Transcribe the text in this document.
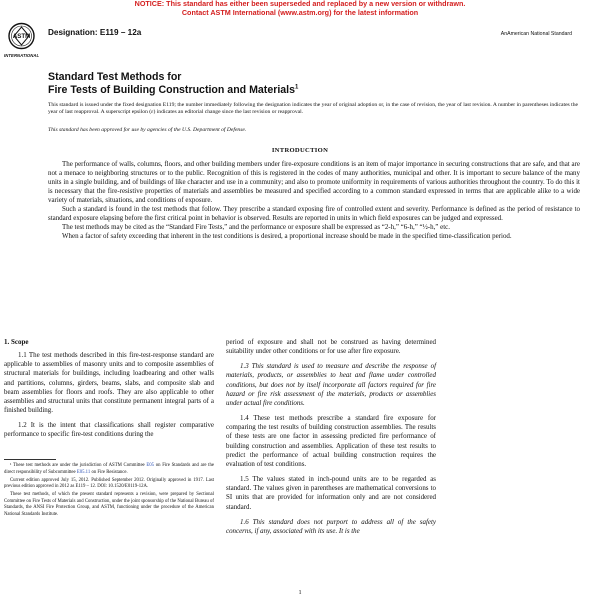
NOTICE: This standard has either been superseded and replaced by a new version or withdrawn.
Contact ASTM International (www.astm.org) for the latest information
ASTM
INTERNATIONAL
Designation: E119 – 12a	AnAmerican National Standard
Standard Test Methods for
Fire Tests of Building Construction and Materials$^1$
This standard is issued under the fixed designation E119; the number immediately following the designation indicates the year of original adoption or, in the case of revision, the year of last revision. A number in parentheses indicates the year of last reapproval. A superscript epsilon (ε) indicates an editorial change since the last revision or reapproval.
This standard has been approved for use by agencies of the U.S. Department of Defense.
INTRODUCTION

The performance of walls, columns, floors, and other building members under fire-exposure conditions is an item of major importance in securing constructions that are safe, and that are not a menace to neighboring structures or to the public. Recognition of this is registered in the codes of many authorities, municipal and other. It is important to secure balance of the many units in a single building, and of buildings of like character and use in a community; and also to promote uniformity in requirements of various authorities throughout the country. To do this it is necessary that the fire-resistive properties of materials and assemblies be measured and specified according to a common standard expressed in terms that are applicable alike to a wide variety of materials, situations, and conditions of exposure.

Such a standard is found in the test methods that follow. They prescribe a standard exposing fire of controlled extent and severity. Performance is defined as the period of resistance to standard exposure elapsing before the first critical point in behavior is observed. Results are reported in units in which field exposures can be judged and expressed.

The test methods may be cited as the “Standard Fire Tests,” and the performance or exposure shall be expressed as “2-h,” “6-h,” “½-h,” etc.

When a factor of safety exceeding that inherent in the test conditions is desired, a proportional increase should be made in the specified time-classification period.

1. Scope

1.1 The test methods described in this fire-test-response standard are applicable to assemblies of masonry units and to composite assemblies of structural materials for buildings, including loadbearing and other walls and partitions, columns, girders, beams, slabs, and composite slab and beam assemblies for floors and roofs. They are also applicable to other assemblies and structural units that constitute permanent integral parts of a finished building.

1.2 It is the intent that classifications shall register comparative performance to specific fire-test conditions during the

period of exposure and shall not be construed as having determined suitability under other conditions or for use after fire exposure.

1.3 This standard is used to measure and describe the response of materials, products, or assemblies to heat and flame under controlled conditions, but does not by itself incorporate all factors required for fire hazard or fire risk assessment of the materials, products or assemblies under actual fire conditions.

1.4 These test methods prescribe a standard fire exposure for comparing the test results of building construction assemblies. The results of these tests are one factor in assessing predicted fire performance of building construction and assemblies. Application of these test results to predict the performance of actual building construction requires the evaluation of test conditions.

1.5 The values stated in inch-pound units are to be regarded as standard. The values given in parentheses are mathematical conversions to SI units that are provided for information only and are not considered standard.

1.6 This standard does not purport to address all of the safety concerns, if any, associated with its use. It is the

¹ These test methods are under the jurisdiction of ASTM Committee E05 on Fire Standards and are the direct responsibility of Subcommittee E05.11 on Fire Resistance.

Current edition approved July 15, 2012. Published September 2012. Originally approved in 1917. Last previous edition approved in 2012 as E119 – 12. DOI: 10.1520/E0119-12A.

These test methods, of which the present standard represents a revision, were prepared by Sectional Committee on Fire Tests of Materials and Construction, under the joint sponsorship of the National Bureau of Standards, the ANSI Fire Protection Group, and ASTM, functioning under the procedure of the American National Standards Institute.

1
